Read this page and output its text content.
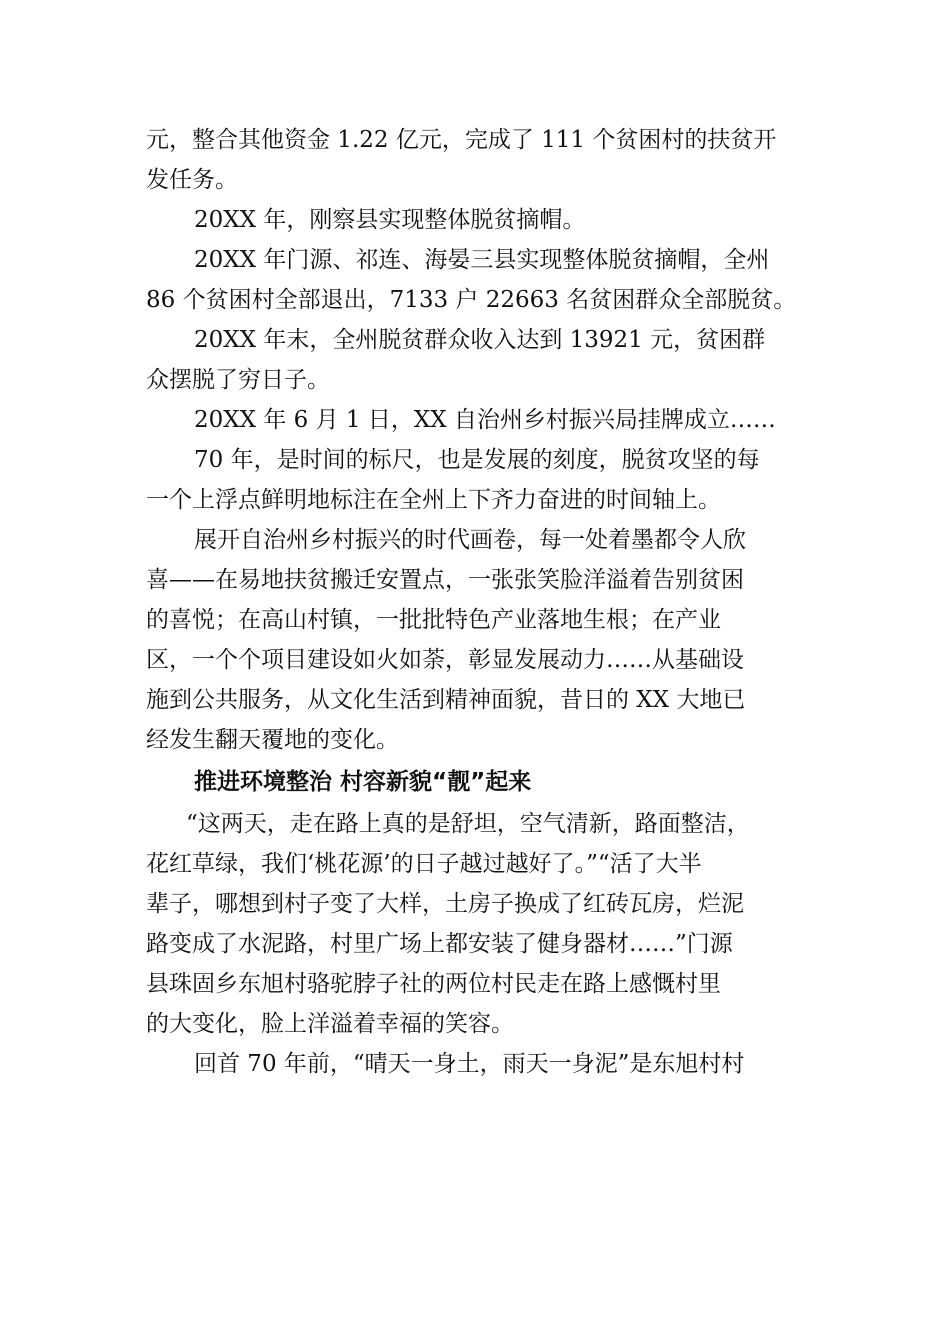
元，整合其他资金 1.22 亿元，完成了 111 个贫困村的扶贫开
发任务。
20XX 年，刚察县实现整体脱贫摘帽。
20XX 年门源、祁连、海晏三县实现整体脱贫摘帽，全州
86 个贫困村全部退出，7133 户 22663 名贫困群众全部脱贫。
20XX 年末，全州脱贫群众收入达到 13921 元，贫困群
众摆脱了穷日子。
20XX 年 6 月 1 日，XX 自治州乡村振兴局挂牌成立……
70 年，是时间的标尺，也是发展的刻度，脱贫攻坚的每
一个上浮点鲜明地标注在全州上下齐力奋进的时间轴上。
展开自治州乡村振兴的时代画卷，每一处着墨都令人欣
喜——在易地扶贫搬迁安置点，一张张笑脸洋溢着告别贫困
的喜悦；在高山村镇，一批批特色产业落地生根；在产业
区，一个个项目建设如火如荼，彰显发展动力……从基础设
施到公共服务，从文化生活到精神面貌，昔日的 XX 大地已
经发生翻天覆地的变化。
推进环境整治 村容新貌“靓”起来
“这两天，走在路上真的是舒坦，空气清新，路面整洁，
花红草绿，我们‘桃花源’的日子越过越好了。”“活了大半
辈子，哪想到村子变了大样，土房子换成了红砖瓦房，烂泥
路变成了水泥路，村里广场上都安装了健身器材……”门源
县珠固乡东旭村骆驼脖子社的两位村民走在路上感慨村里
的大变化，脸上洋溢着幸福的笑容。
回首 70 年前，“晴天一身土，雨天一身泥”是东旭村村
